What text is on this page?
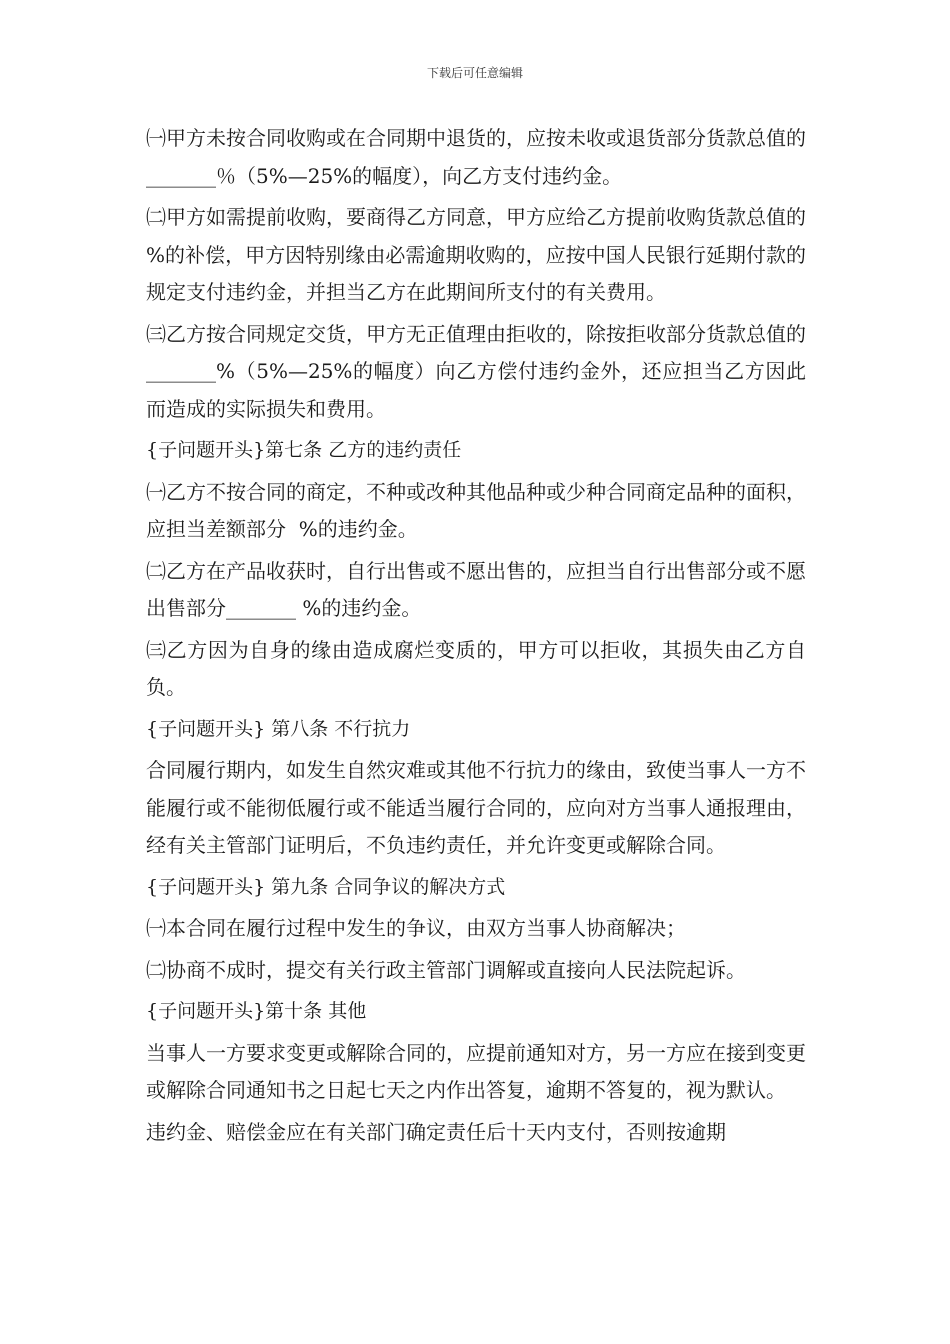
下载后可任意编辑

㈠甲方未按合同收购或在合同期中退货的，应按未收或退货部分货款总值的 _______％（5%—25%的幅度），向乙方支付违约金。

㈡甲方如需提前收购，要商得乙方同意，甲方应给乙方提前收购货款总值的  %的补偿，甲方因特别缘由必需逾期收购的，应按中国人民银行延期付款的规定支付违约金，并担当乙方在此期间所支付的有关费用。

㈢乙方按合同规定交货，甲方无正值理由拒收的，除按拒收部分货款总值的   _______%（5%—25%的幅度）向乙方偿付违约金外，还应担当乙方因此而造成的实际损失和费用。

{子问题开头}第七条 乙方的违约责任

㈠乙方不按合同的商定，不种或改种其他品种或少种合同商定品种的面积，应担当差额部分  %的违约金。

㈡乙方在产品收获时，自行出售或不愿出售的，应担当自行出售部分或不愿出售部分_______ %的违约金。

㈢乙方因为自身的缘由造成腐烂变质的，甲方可以拒收，其损失由乙方自负。

{子问题开头} 第八条 不行抗力

合同履行期内，如发生自然灾难或其他不行抗力的缘由，致使当事人一方不能履行或不能彻低履行或不能适当履行合同的，应向对方当事人通报理由，经有关主管部门证明后，不负违约责任，并允许变更或解除合同。

{子问题开头} 第九条 合同争议的解决方式

㈠本合同在履行过程中发生的争议，由双方当事人协商解决；

㈡协商不成时，提交有关行政主管部门调解或直接向人民法院起诉。

{子问题开头}第十条 其他

当事人一方要求变更或解除合同的，应提前通知对方，另一方应在接到变更或解除合同通知书之日起七天之内作出答复，逾期不答复的，视为默认。

违约金、赔偿金应在有关部门确定责任后十天内支付，否则按逾期
